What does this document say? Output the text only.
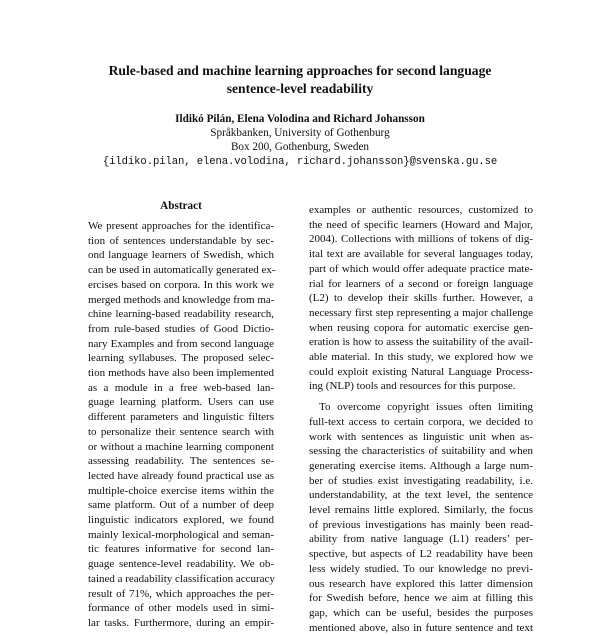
Rule-based and machine learning approaches for second language
sentence-level readability
Ildikó Pilán, Elena Volodina and Richard Johansson
Språkbanken, University of Gothenburg
Box 200, Gothenburg, Sweden
{ildiko.pilan, elena.volodina, richard.johansson}@svenska.gu.se
Abstract
We present approaches for the identifica-
tion of sentences understandable by sec-
ond language learners of Swedish, which
can be used in automatically generated ex-
ercises based on corpora. In this work we
merged methods and knowledge from ma-
chine learning-based readability research,
from rule-based studies of Good Dictio-
nary Examples and from second language
learning syllabuses. The proposed selec-
tion methods have also been implemented
as a module in a free web-based lan-
guage learning platform. Users can use
different parameters and linguistic filters
to personalize their sentence search with
or without a machine learning component
assessing readability. The sentences se-
lected have already found practical use as
multiple-choice exercise items within the
same platform. Out of a number of deep
linguistic indicators explored, we found
mainly lexical-morphological and seman-
tic features informative for second lan-
guage sentence-level readability. We ob-
tained a readability classification accuracy
result of 71%, which approaches the per-
formance of other models used in simi-
lar tasks. Furthermore, during an empir-
examples or authentic resources, customized to
the need of specific learners (Howard and Major,
2004). Collections with millions of tokens of dig-
ital text are available for several languages today,
part of which would offer adequate practice mate-
rial for learners of a second or foreign language
(L2) to develop their skills further. However, a
necessary first step representing a major challenge
when reusing copora for automatic exercise gen-
eration is how to assess the suitability of the avail-
able material. In this study, we explored how we
could exploit existing Natural Language Process-
ing (NLP) tools and resources for this purpose.
To overcome copyright issues often limiting
full-text access to certain corpora, we decided to
work with sentences as linguistic unit when as-
sessing the characteristics of suitability and when
generating exercise items. Although a large num-
ber of studies exist investigating readability, i.e.
understandability, at the text level, the sentence
level remains little explored. Similarly, the focus
of previous investigations has mainly been read-
ability from native language (L1) readers’ per-
spective, but aspects of L2 readability have been
less widely studied. To our knowledge no previ-
ous research have explored this latter dimension
for Swedish before, hence we aim at filling this
gap, which can be useful, besides the purposes
mentioned above, also in future sentence and text
